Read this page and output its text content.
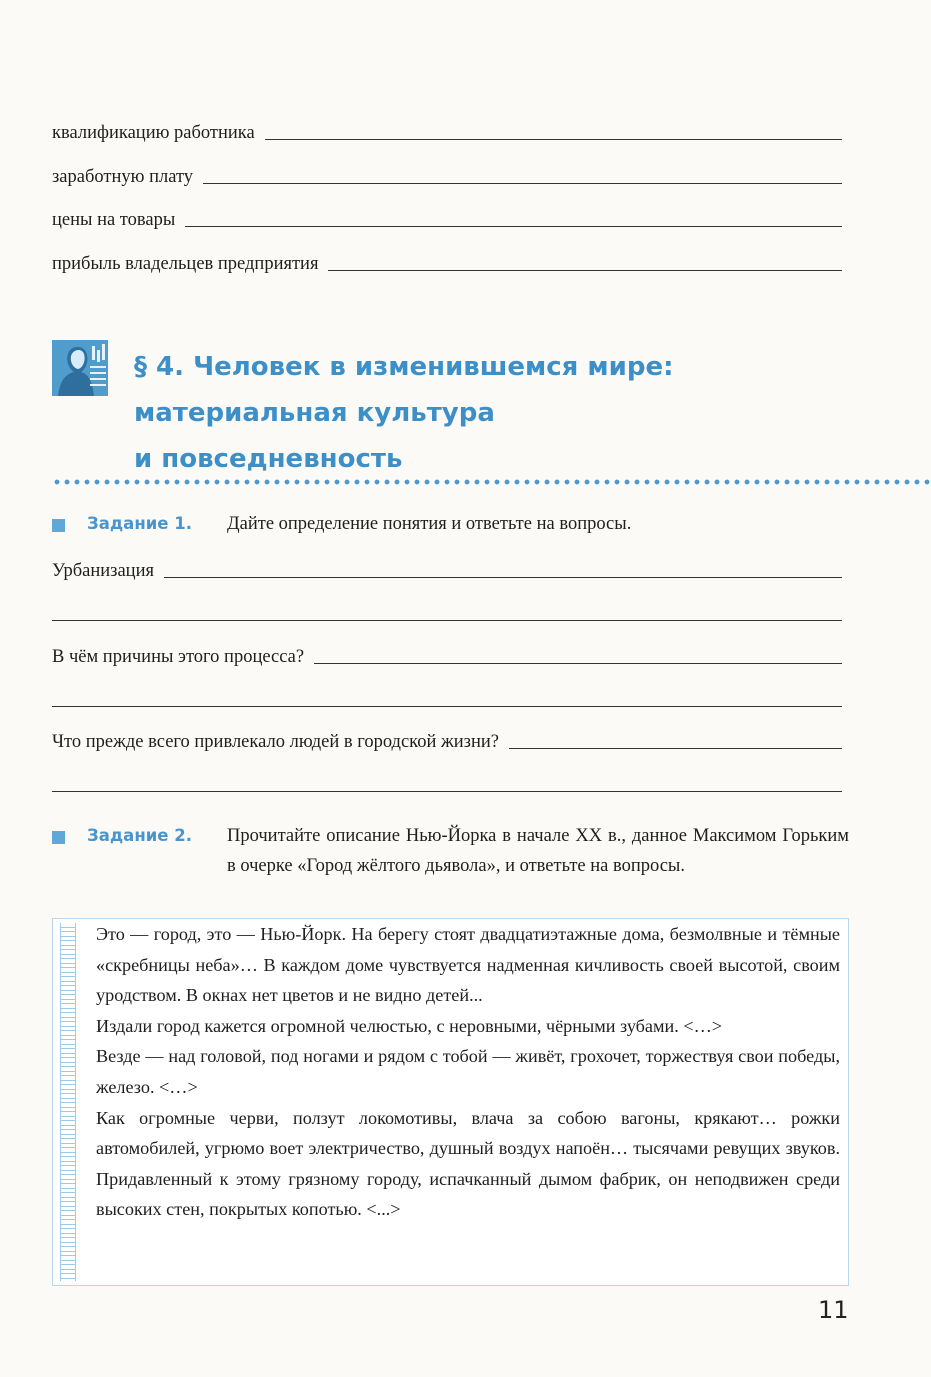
квалификацию работника
заработную плату
цены на товары
прибыль владельцев предприятия
§ 4. Человек в изменившемся мире:
материальная культура
и повседневность
Задание 1.	Дайте определение понятия и ответьте на вопросы.
Урбанизация
В чём причины этого процесса?
Что прежде всего привлекало людей в городской жизни?
Задание 2.	Прочитайте описание Нью-Йорка в начале XX в., данное Максимом Горьким в очерке «Город жёлтого дьявола», и ответьте на вопросы.

Это — город, это — Нью-Йорк. На берегу стоят двадцатиэтажные дома, безмолвные и тёмные «скребницы неба»… В каждом доме чувствуется надменная кичливость своей высотой, своим уродством. В окнах нет цветов и не видно детей...

Издали город кажется огромной челюстью, с неровными, чёрными зубами. <…>

Везде — над головой, под ногами и рядом с тобой — живёт, грохочет, торжествуя свои победы, железо. <…>

Как огромные черви, ползут локомотивы, влача за собою вагоны, крякают… рожки автомобилей, угрюмо воет электричество, душный воздух напоён… тысячами ревущих звуков. Придавленный к этому грязному городу, испачканный дымом фабрик, он неподвижен среди высоких стен, покрытых копотью. <...>

11
